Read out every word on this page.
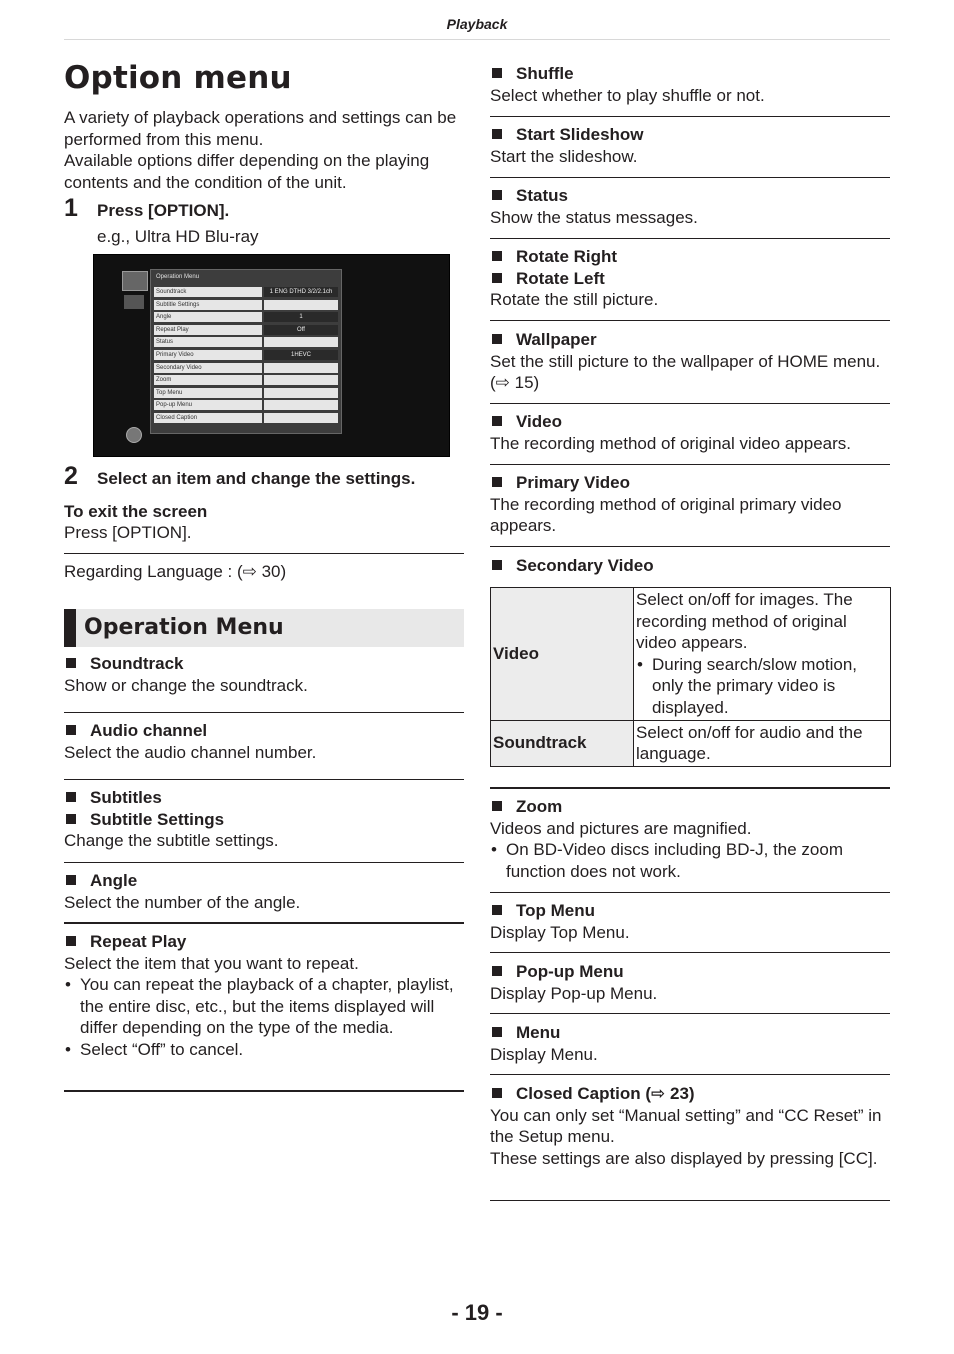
Playback
Option menu
A variety of playback operations and settings can be performed from this menu.
Available options differ depending on the playing contents and the condition of the unit.
1 Press [OPTION].
e.g., Ultra HD Blu-ray
Operation Menu
Soundtrack	1 ENG DTHD 3/2/2.1ch
Subtitle Settings
Angle	1
Repeat Play	Off
Status
Primary Video	1HEVC
Secondary Video
Zoom
Top Menu
Pop-up Menu
Closed Caption
2 Select an item and change the settings.
To exit the screen
Press [OPTION].
Regarding Language : (⇨ 30)
Operation Menu
Soundtrack
Show or change the soundtrack.
Audio channel
Select the audio channel number.
Subtitles
Subtitle Settings
Change the subtitle settings.
Angle
Select the number of the angle.
Repeat Play
Select the item that you want to repeat.
• You can repeat the playback of a chapter, playlist, the entire disc, etc., but the items displayed will differ depending on the type of the media.
• Select “Off” to cancel.
Shuffle
Select whether to play shuffle or not.
Start Slideshow
Start the slideshow.
Status
Show the status messages.
Rotate Right
Rotate Left
Rotate the still picture.
Wallpaper
Set the still picture to the wallpaper of HOME menu. (⇨ 15)
Video
The recording method of original video appears.
Primary Video
The recording method of original primary video appears.
Secondary Video
Video	Select on/off for images. The recording method of original video appears.
• During search/slow motion, only the primary video is displayed.

Soundtrack	Select on/off for audio and the language.
Zoom
Videos and pictures are magnified.
• On BD-Video discs including BD-J, the zoom function does not work.
Top Menu
Display Top Menu.
Pop-up Menu
Display Pop-up Menu.
Menu
Display Menu.
Closed Caption (⇨ 23)
You can only set “Manual setting” and “CC Reset” in the Setup menu.
These settings are also displayed by pressing [CC].
- 19 -
